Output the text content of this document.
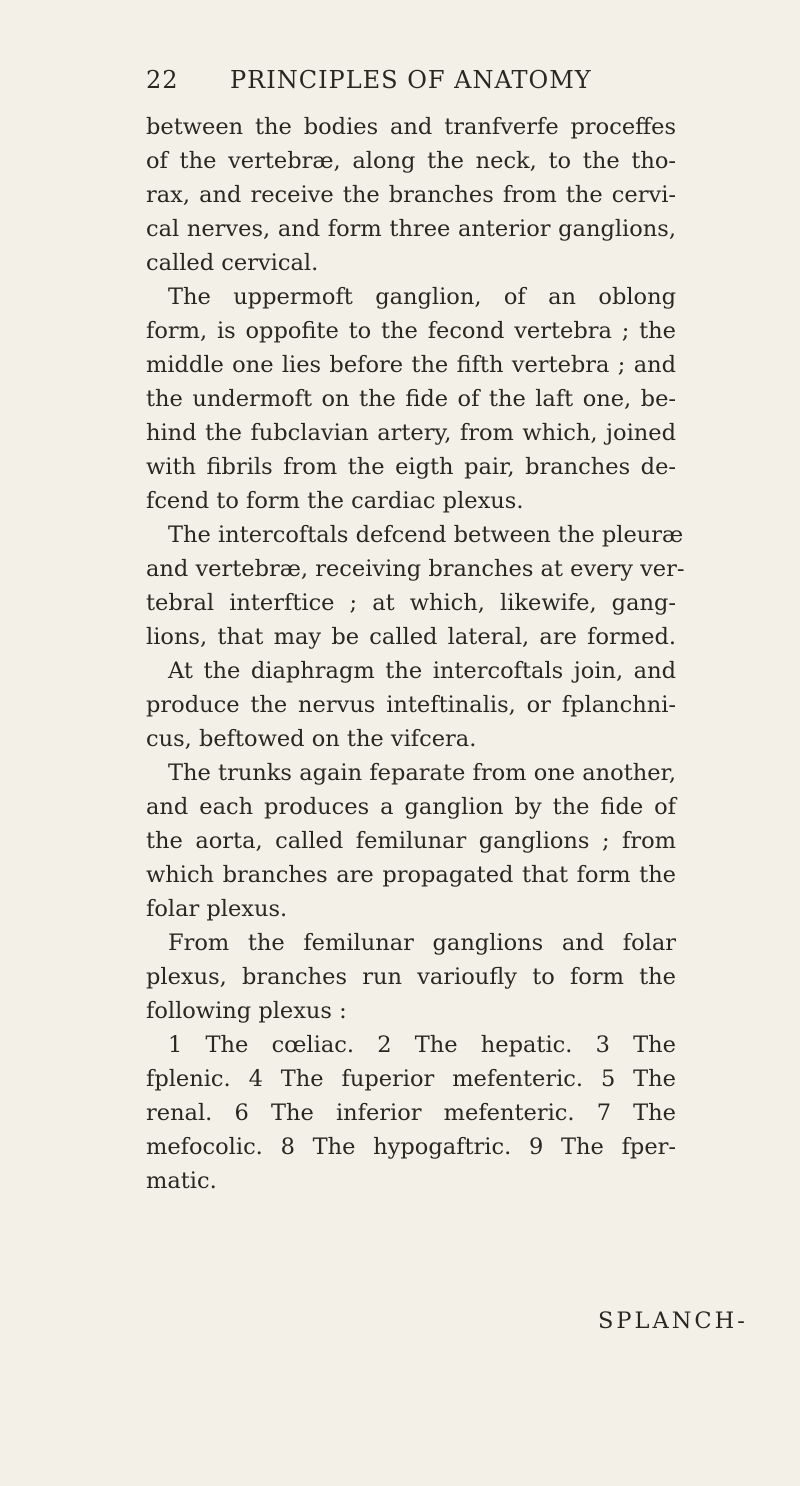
22 PRINCIPLES OF ANATOMY
between the bodies and tranfverfe proceffes
of the vertebræ, along the neck, to the tho-
rax, and receive the branches from the cervi-
cal nerves, and form three anterior ganglions,
called cervical.
The uppermoft ganglion, of an oblong
form, is oppofite to the fecond vertebra ; the
middle one lies before the fifth vertebra ; and
the undermoft on the fide of the laft one, be-
hind the fubclavian artery, from which, joined
with fibrils from the eigth pair, branches de-
fcend to form the cardiac plexus.
The intercoftals defcend between the pleuræ
and vertebræ, receiving branches at every ver-
tebral interftice ; at which, likewife, gang-
lions, that may be called lateral, are formed.
At the diaphragm the intercoftals join, and
produce the nervus inteftinalis, or fplanchni-
cus, beftowed on the vifcera.
The trunks again feparate from one another,
and each produces a ganglion by the fide of
the aorta, called femilunar ganglions ; from
which branches are propagated that form the
folar plexus.
From the femilunar ganglions and folar
plexus, branches run varioufly to form the
following plexus :
1 The cœliac. 2 The hepatic. 3 The
fplenic. 4 The fuperior mefenteric. 5 The
renal. 6 The inferior mefenteric. 7 The
mefocolic. 8 The hypogaftric. 9 The fper-
matic.
SPLANCH-
